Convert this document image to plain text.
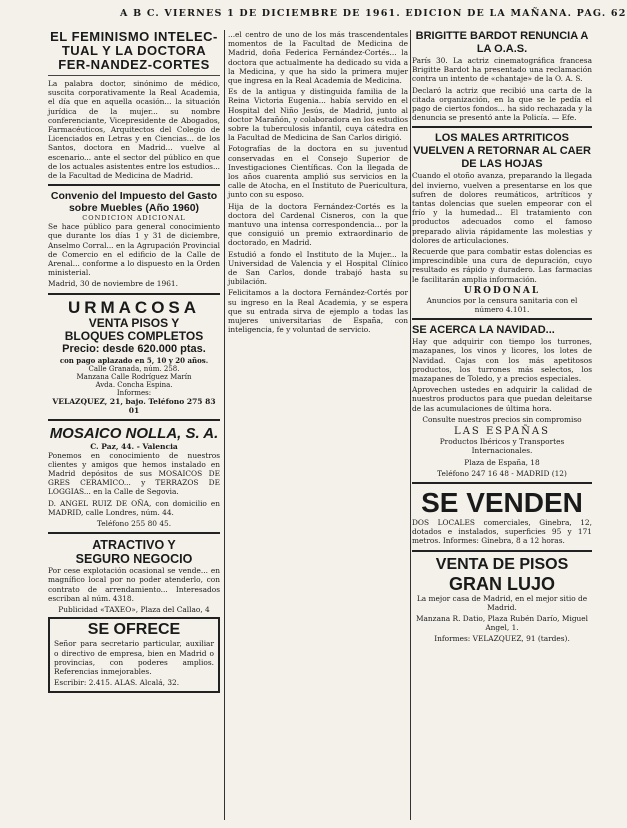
A B C. VIERNES 1 DE DICIEMBRE DE 1961. EDICION DE LA MAÑANA. PAG. 62
EL FEMINISMO INTELEC-TUAL Y LA DOCTORA FER-NANDEZ-CORTES

La palabra doctor, sinónimo de médico, suscita corporativamente la Real Academia, el día que en aquella ocasión... la situación jurídica de la mujer... su nombre conferenciante, Vicepresidente de Abogados, Farmacéuticos, Arquitectos del Colegio de Licenciados en Letras y en Ciencias... de los Santos, doctora en Madrid... vuelve al escenario... ante el sector del público en que de los actuales asistentes entre los estudios... de la Facultad de Medicina de Madrid.

Convenio del Impuesto del Gasto sobre Muebles (Año 1960)
CONDICION ADICIONAL

Se hace público para general conocimiento que durante los días 1 y 31 de diciembre, Anselmo Corral... en la Agrupación Provincial de Comercio en el edificio de la Calle de Arenal... conforme a lo dispuesto en la Orden ministerial.

Madrid, 30 de noviembre de 1961.

URMACOSA
VENTA PISOS Y
BLOQUES COMPLETOS
Precio: desde 620.000 ptas.
con pago aplazado en 5, 10 y 20 años.
Calle Granada, núm. 258.
Manzana Calle Rodríguez Marín
Avda. Concha Espina.
Informes:
VELAZQUEZ, 21, bajo. Teléfono 275 83 01
MOSAICO NOLLA, S. A.
C. Paz, 44. - Valencia

Ponemos en conocimiento de nuestros clientes y amigos que hemos instalado en Madrid depósitos de sus MOSAICOS DE GRES CERAMICO... y TERRAZOS DE LOGGIAS... en la Calle de Segovia.

D. ANGEL RUIZ DE OÑA, con domicilio en MADRID, calle Londres, núm. 44.

Teléfono 255 80 45.

ATRACTIVO Y
SEGURO NEGOCIO

Por cese explotación ocasional se vende... en magnífico local por no poder atenderlo, con contrato de arrendamiento... Interesados escriban al núm. 4318.

Publicidad «TAXEO», Plaza del Callao, 4

SE OFRECE

Señor para secretario particular, auxiliar o directivo de empresa, bien en Madrid o provincias, con poderes amplios. Referencias inmejorables.

Escribir: 2.415. ALAS. Alcalá, 32.

...el centro de uno de los más trascendentales momentos de la Facultad de Medicina de Madrid, doña Federica Fernández-Cortés... la doctora que actualmente ha dedicado su vida a la Medicina, y que ha sido la primera mujer que ingresa en la Real Academia de Medicina.

Es de la antigua y distinguida familia de la Reina Victoria Eugenia... había servido en el Hospital del Niño Jesús, de Madrid, junto al doctor Marañón, y colaboradora en los estudios sobre la tuberculosis infantil, cuya cátedra en la Facultad de Medicina de San Carlos dirigió.

Fotografías de la doctora en su juventud conservadas en el Consejo Superior de Investigaciones Científicas. Con la llegada de los años cuarenta amplió sus servicios en la calle de Atocha, en el Instituto de Puericultura, junto con su esposo.

Hija de la doctora Fernández-Cortés es la doctora del Cardenal Cisneros, con la que mantuvo una intensa correspondencia... por la que consiguió un premio extraordinario de doctorado, en Madrid.

Estudió a fondo el Instituto de la Mujer... la Universidad de Valencia y el Hospital Clínico de San Carlos, donde trabajó hasta su jubilación.

Felicitamos a la doctora Fernández-Cortés por su ingreso en la Real Academia, y se espera que su entrada sirva de ejemplo a todas las mujeres universitarias de España, con inteligencia, fe y voluntad de servicio.

BRIGITTE BARDOT RENUNCIA A LA O.A.S.

París 30. La actriz cinematográfica francesa Brigitte Bardot ha presentado una reclamación contra un intento de «chantaje» de la O. A. S.

Declaró la actriz que recibió una carta de la citada organización, en la que se le pedía el pago de ciertos fondos... ha sido rechazada y la denuncia se presentó ante la Policía. — Efe.

LOS MALES ARTRITICOS VUELVEN A RETORNAR AL CAER DE LAS HOJAS

Cuando el otoño avanza, preparando la llegada del invierno, vuelven a presentarse en los que sufren de dolores reumáticos, artríticos y tantas dolencias que suelen empeorar con el frío y la humedad... El tratamiento con productos adecuados como el famoso preparado alivia rápidamente las molestias y dolores de articulaciones.

Recuerde que para combatir estas dolencias es imprescindible una cura de depuración, cuyo resultado es rápido y duradero. Las farmacias le facilitarán amplia información.

URODONAL

Anuncios por la censura sanitaria con el número 4.101.

SE ACERCA LA NAVIDAD...

Hay que adquirir con tiempo los turrones, mazapanes, los vinos y licores, los lotes de Navidad. Cajas con los más apetitosos productos, los turrones más selectos, los mazapanes de Toledo, y a precios especiales.

Aprovechen ustedes en adquirir la calidad de nuestros productos para que puedan deleitarse de las acumulaciones de última hora.

Consulte nuestros precios sin compromiso

LAS ESPAÑAS

Productos Ibéricos y Transportes Internacionales.

Plaza de España, 18

Teléfono 247 16 48 - MADRID (12)

SE VENDEN

DOS LOCALES comerciales, Ginebra, 12, dotados e instalados, superficies 95 y 171 metros. Informes: Ginebra, 8 a 12 horas.

VENTA DE PISOS
GRAN LUJO

La mejor casa de Madrid, en el mejor sitio de Madrid.

Manzana R. Datio, Plaza Rubén Darío, Miguel Angel, 1.

Informes: VELAZQUEZ, 91 (tardes).
